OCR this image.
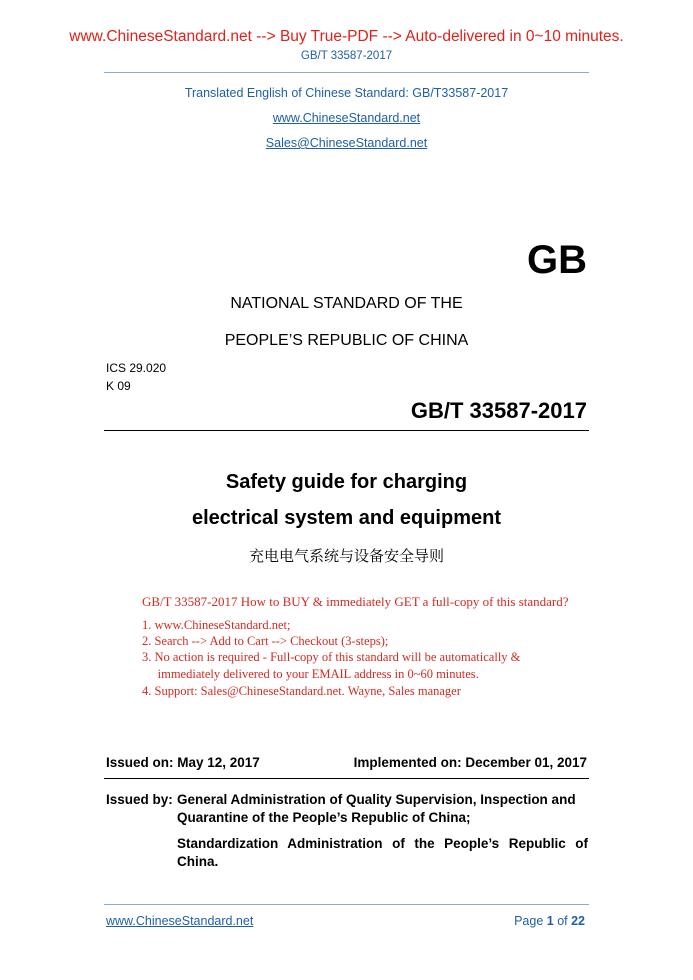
www.ChineseStandard.net --> Buy True-PDF --> Auto-delivered in 0~10 minutes.
GB/T 33587-2017
Translated English of Chinese Standard: GB/T33587-2017
www.ChineseStandard.net
Sales@ChineseStandard.net
GB
NATIONAL STANDARD OF THE
PEOPLE’S REPUBLIC OF CHINA
ICS 29.020
K 09
GB/T 33587-2017
Safety guide for charging
electrical system and equipment
充电电气系统与设备安全导则
GB/T 33587-2017 How to BUY & immediately GET a full-copy of this standard?
1. www.ChineseStandard.net;
2. Search --> Add to Cart --> Checkout (3-steps);
3. No action is required - Full-copy of this standard will be automatically &
immediately delivered to your EMAIL address in 0~60 minutes.
4. Support: Sales@ChineseStandard.net. Wayne, Sales manager
Issued on: May 12, 2017	Implemented on: December 01, 2017
Issued by: General Administration of Quality Supervision, Inspection and
Quarantine of the People’s Republic of China;
Standardization Administration of the People’s Republic of
China.
www.ChineseStandard.net	Page 1 of 22
